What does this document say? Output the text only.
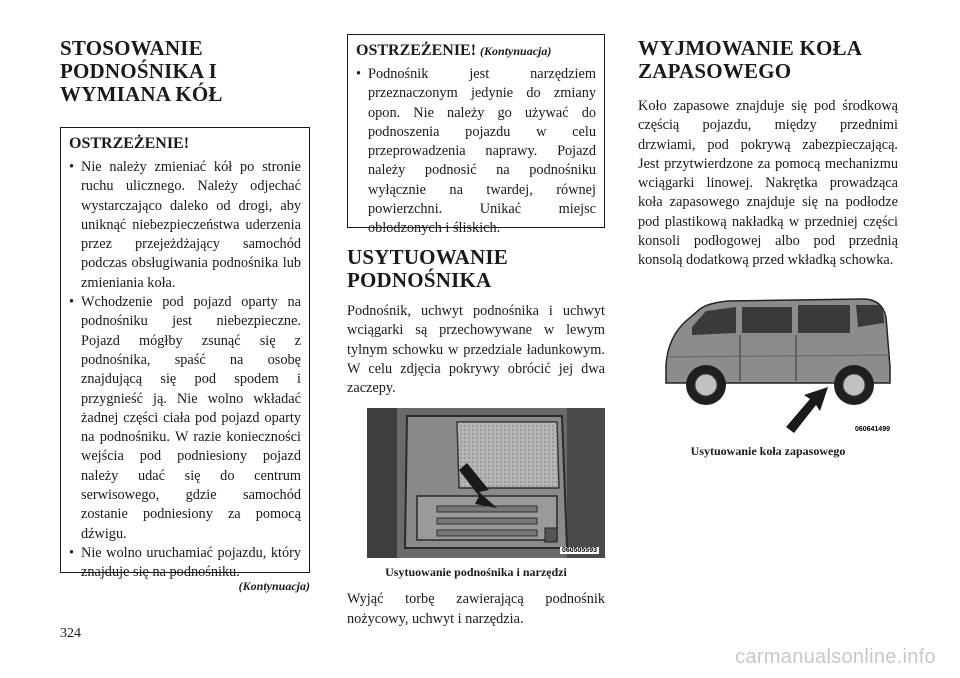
STOSOWANIE
PODNOŚNIKA I
WYMIANA KÓŁ
OSTRZEŻENIE!
• Nie należy zmieniać kół po stronie ruchu ulicznego. Należy odjechać wystarczająco daleko od drogi, aby uniknąć niebezpieczeństwa uderzenia przez przejeżdżający samochód podczas obsługiwania podnośnika lub zmieniania koła.
• Wchodzenie pod pojazd oparty na podnośniku jest niebezpieczne. Pojazd mógłby zsunąć się z podnośnika, spaść na osobę znajdującą się pod spodem i przygnieść ją. Nie wolno wkładać żadnej części ciała pod pojazd oparty na podnośniku. W razie konieczności wejścia pod podniesiony pojazd należy udać się do centrum serwisowego, gdzie samochód zostanie podniesiony za pomocą dźwigu.
• Nie wolno uruchamiać pojazdu, który znajduje się na podnośniku.
(Kontynuacja)
OSTRZEŻENIE! (Kontynuacja)
• Podnośnik jest narzędziem przeznaczonym jedynie do zmiany opon. Nie należy go używać do podnoszenia pojazdu w celu przeprowadzenia naprawy. Pojazd należy podnosić na podnośniku wyłącznie na twardej, równej powierzchni. Unikać miejsc oblodzonych i śliskich.
USYTUOWANIE
PODNOŚNIKA

Podnośnik, uchwyt podnośnika i uchwyt wciągarki są przechowywane w lewym tylnym schowku w przedziale ładunkowym. W celu zdjęcia pokrywy obrócić jej dwa zaczepy.

060505593
Usytuowanie podnośnika i narzędzi

Wyjąć torbę zawierającą podnośnik nożycowy, uchwyt i narzędzia.

WYJMOWANIE KOŁA
ZAPASOWEGO

Koło zapasowe znajduje się pod środkową częścią pojazdu, między przednimi drzwiami, pod pokrywą zabezpieczającą. Jest przytwierdzone za pomocą mechanizmu wciągarki linowej. Nakrętka prowadząca koła zapasowego znajduje się na podłodze pod plastikową nakładką w przedniej części konsoli podłogowej albo pod przednią konsolą dodatkową przed wkładką schowka.

060641499
Usytuowanie koła zapasowego
324
carmanualsonline.info
